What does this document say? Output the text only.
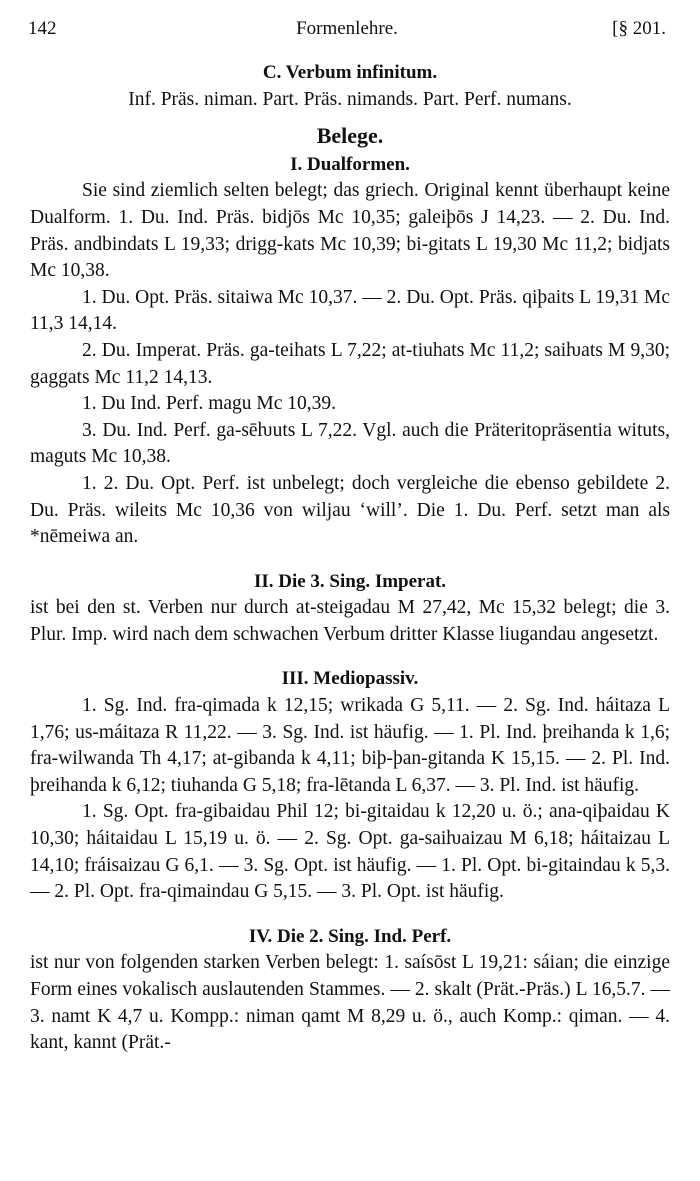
142	Formenlehre.	[§ 201.
C. Verbum infinitum.
Inf. Präs. niman. Part. Präs. nimands. Part. Perf. numans.
Belege.
I. Dualformen.

Sie sind ziemlich selten belegt; das griech. Original kennt überhaupt keine Dualform. 1. Du. Ind. Präs. bidjōs Mc 10,35; galeiþōs J 14,23. — 2. Du. Ind. Präs. andbindats L 19,33; drigg-kats Mc 10,39; bi-gitats L 19,30 Mc 11,2; bidjats Mc 10,38.

1. Du. Opt. Präs. sitaiwa Mc 10,37. — 2. Du. Opt. Präs. qiþaits L 19,31 Mc 11,3 14,14.

2. Du. Imperat. Präs. ga-teihats L 7,22; at-tiuhats Mc 11,2; saiƕats M 9,30; gaggats Mc 11,2 14,13.

1. Du Ind. Perf. magu Mc 10,39.

3. Du. Ind. Perf. ga-sēƕuts L 7,22. Vgl. auch die Präteritopräsentia wituts, maguts Mc 10,38.

1. 2. Du. Opt. Perf. ist unbelegt; doch vergleiche die ebenso gebildete 2. Du. Präs. wileits Mc 10,36 von wiljau ‘will’. Die 1. Du. Perf. setzt man als *nēmeiwa an.

II. Die 3. Sing. Imperat.

ist bei den st. Verben nur durch at-steigadau M 27,42, Mc 15,32 belegt; die 3. Plur. Imp. wird nach dem schwachen Verbum dritter Klasse liugandau angesetzt.

III. Mediopassiv.

1. Sg. Ind. fra-qimada k 12,15; wrikada G 5,11. — 2. Sg. Ind. háitaza L 1,76; us-máitaza R 11,22. — 3. Sg. Ind. ist häufig. — 1. Pl. Ind. þreihanda k 1,6; fra-wilwanda Th 4,17; at-gibanda k 4,11; biþ-þan-gitanda K 15,15. — 2. Pl. Ind. þreihanda k 6,12; tiuhanda G 5,18; fra-lētanda L 6,37. — 3. Pl. Ind. ist häufig.

1. Sg. Opt. fra-gibaidau Phil 12; bi-gitaidau k 12,20 u. ö.; ana-qiþaidau K 10,30; háitaidau L 15,19 u. ö. — 2. Sg. Opt. ga-saiƕaizau M 6,18; háitaizau L 14,10; fráisaizau G 6,1. — 3. Sg. Opt. ist häufig. — 1. Pl. Opt. bi-gitaindau k 5,3. — 2. Pl. Opt. fra-qimaindau G 5,15. — 3. Pl. Opt. ist häufig.

IV. Die 2. Sing. Ind. Perf.

ist nur von folgenden starken Verben belegt: 1. saísōst L 19,21: sáian; die einzige Form eines vokalisch auslautenden Stammes. — 2. skalt (Prät.-Präs.) L 16,5.7. — 3. namt K 4,7 u. Kompp.: niman qamt M 8,29 u. ö., auch Komp.: qiman. — 4. kant, kannt (Prät.-
